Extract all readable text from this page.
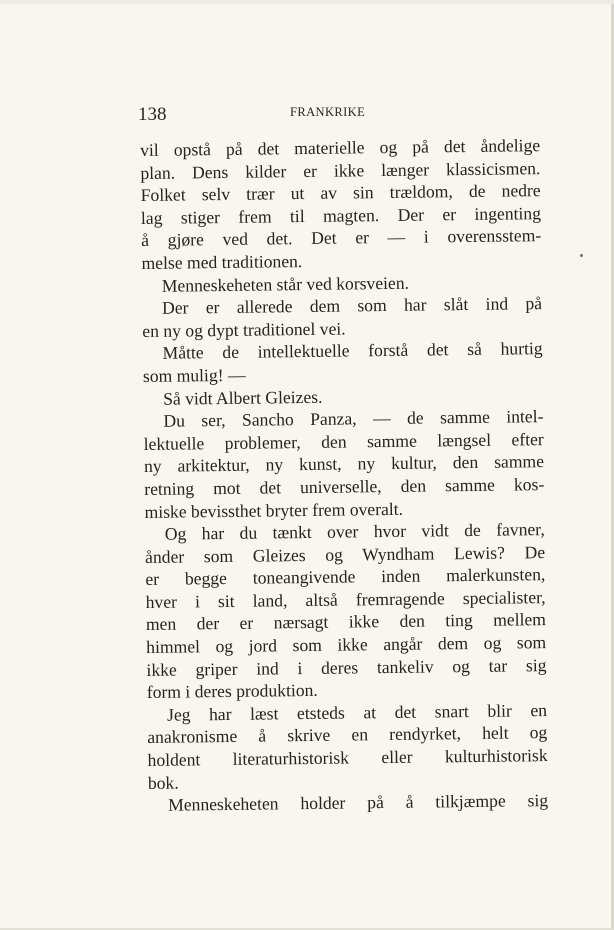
138	FRANKRIKE
vil opstå på det materielle og på det åndelige
plan. Dens kilder er ikke længer klassicismen.
Folket selv trær ut av sin trældom, de nedre
lag stiger frem til magten. Der er ingenting
å gjøre ved det. Det er — i overensstem-
melse med traditionen.
Menneskeheten står ved korsveien.
Der er allerede dem som har slåt ind på
en ny og dypt traditionel vei.
Måtte de intellektuelle forstå det så hurtig
som mulig! —
Så vidt Albert Gleizes.
Du ser, Sancho Panza, — de samme intel-
lektuelle problemer, den samme længsel efter
ny arkitektur, ny kunst, ny kultur, den samme
retning mot det universelle, den samme kos-
miske bevissthet bryter frem overalt.
Og har du tænkt over hvor vidt de favner,
ånder som Gleizes og Wyndham Lewis? De
er begge toneangivende inden malerkunsten,
hver i sit land, altså fremragende specialister,
men der er nærsagt ikke den ting mellem
himmel og jord som ikke angår dem og som
ikke griper ind i deres tankeliv og tar sig
form i deres produktion.
Jeg har læst etsteds at det snart blir en
anakronisme å skrive en rendyrket, helt og
holdent literaturhistorisk eller kulturhistorisk
bok.
Menneskeheten holder på å tilkjæmpe sig
